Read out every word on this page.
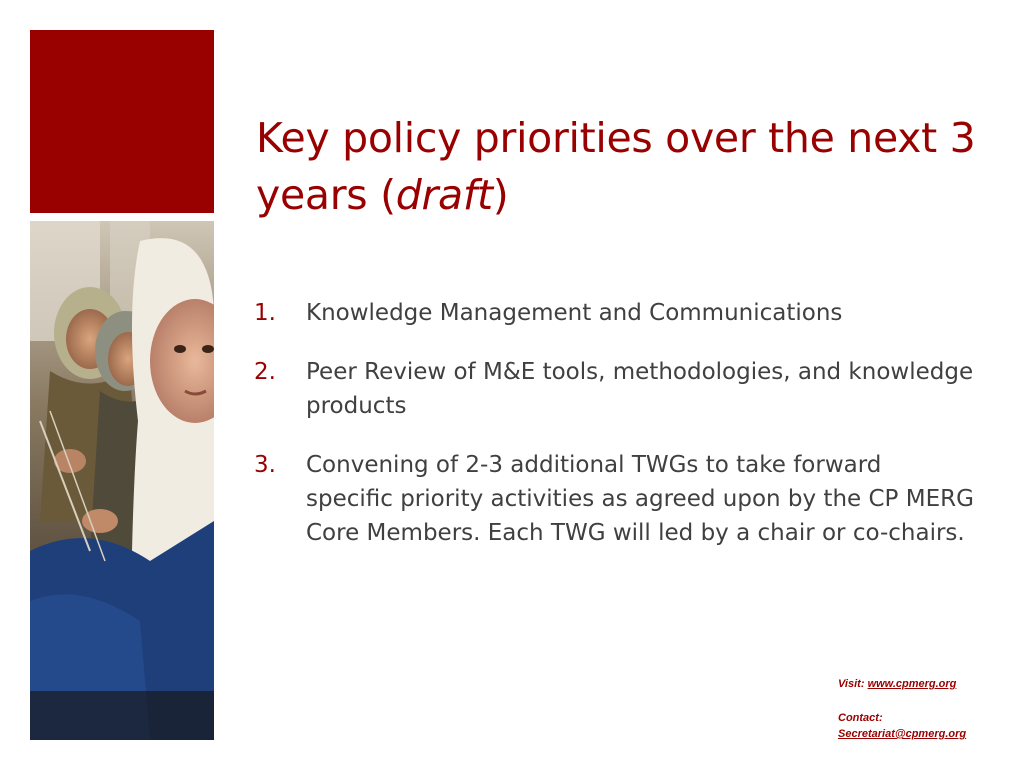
Key policy priorities over the next 3 years (draft)
1. Knowledge Management and Communications
2. Peer Review of M&E tools, methodologies, and knowledge products
3. Convening of 2-3 additional TWGs to take forward specific priority activities as agreed upon by the CP MERG Core Members. Each TWG will led by a chair or co-chairs.
Visit: www.cpmerg.org
Contact:
Secretariat@cpmerg.org
